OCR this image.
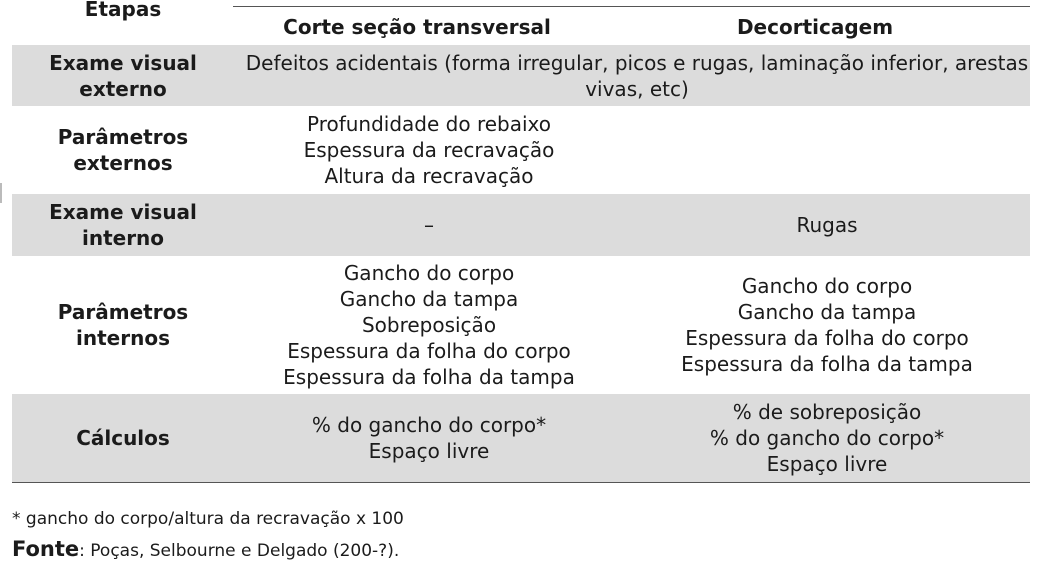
Etapas
Corte seção transversal	Decorticagem
Exame visual
externo
Defeitos acidentais (forma irregular, picos e rugas, laminação inferior, arestas
vivas, etc)
Parâmetros
externos
Profundidade do rebaixo
Espessura da recravação
Altura da recravação
Exame visual
interno
–	Rugas
Parâmetros
internos
Gancho do corpo
Gancho da tampa
Sobreposição
Espessura da folha do corpo
Espessura da folha da tampa
Gancho do corpo
Gancho da tampa
Espessura da folha do corpo
Espessura da folha da tampa
Cálculos
% do gancho do corpo*
Espaço livre
% de sobreposição
% do gancho do corpo*
Espaço livre
* gancho do corpo/altura da recravação x 100
Fonte: Poças, Selbourne e Delgado (200-?).
